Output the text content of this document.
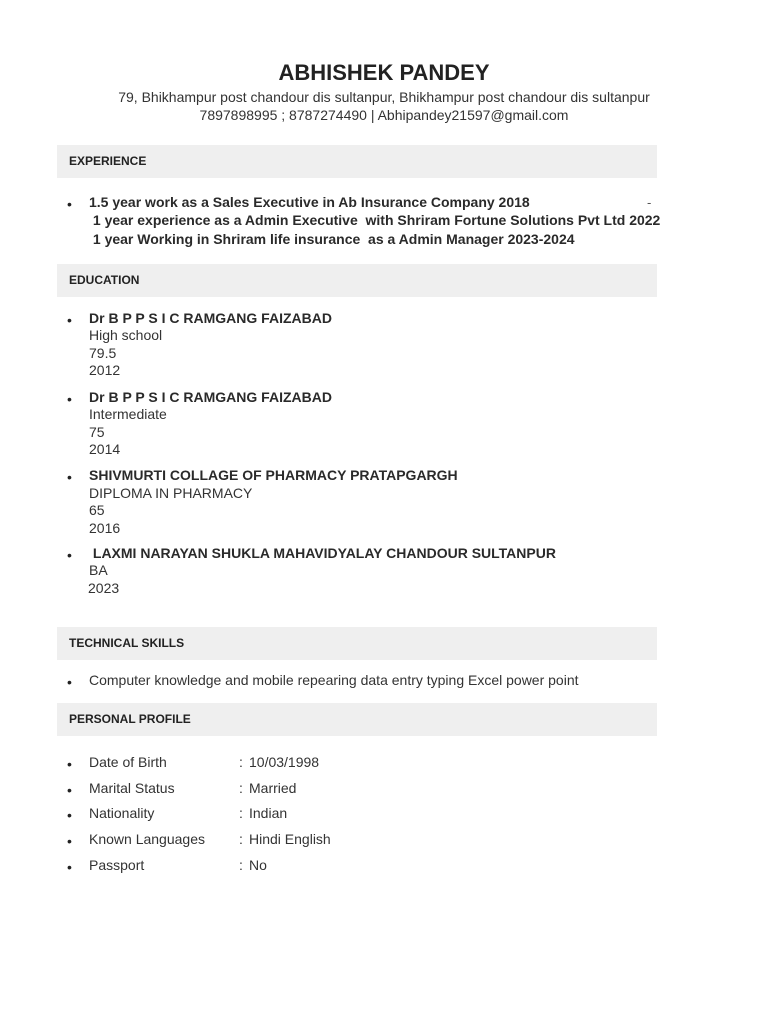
ABHISHEK PANDEY
79, Bhikhampur post chandour dis sultanpur, Bhikhampur post chandour dis sultanpur
7897898995 ; 8787274490 | Abhipandey21597@gmail.com
EXPERIENCE
• 1.5 year work as a Sales Executive in Ab Insurance Company 2018	-
1 year experience as a Admin Executive  with Shriram Fortune Solutions Pvt Ltd 2022
1 year Working in Shriram life insurance  as a Admin Manager 2023-2024
EDUCATION
• Dr B P P S I C RAMGANG FAIZABAD
High school
79.5
2012
• Dr B P P S I C RAMGANG FAIZABAD
Intermediate
75
2014
• SHIVMURTI COLLAGE OF PHARMACY PRATAPGARGH
DIPLOMA IN PHARMACY
65
2016
• LAXMI NARAYAN SHUKLA MAHAVIDYALAY CHANDOUR SULTANPUR
BA
2023
TECHNICAL SKILLS
• Computer knowledge and mobile repearing data entry typing Excel power point
PERSONAL PROFILE
• Date of Birth	: 10/03/1998
• Marital Status	: Married
• Nationality	: Indian
• Known Languages : Hindi English
• Passport	: No
